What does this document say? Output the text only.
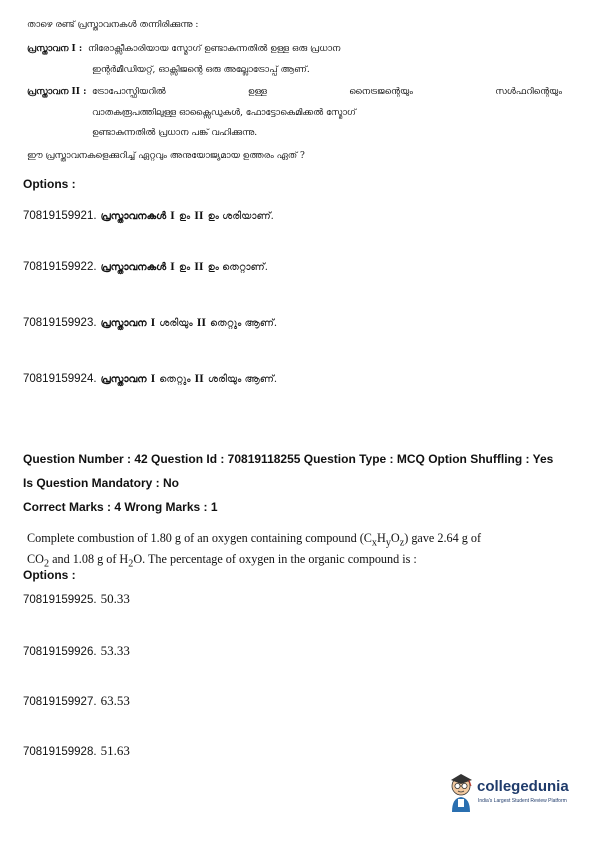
താഴെ രണ്ട് പ്രസ്താവനകൾ തന്നിരിക്കുന്നു :
പ്രസ്താവന I : നിരോക്സീകാരിയായ സ്മോഗ് ഉണ്ടാകുന്നതിൽ ഉള്ള ഒരു പ്രധാന
ഇന്റർമീഡിയറ്റ്, ഓക്സിജന്റെ ഒരു അല്ലോട്രോപ്പ് ആണ്.
പ്രസ്താവന II : ട്രോപോസ്ഫിയറിൽ ഉള്ള നൈട്രജന്റെയും സൾഫറിന്റെയും
വാതകരൂപത്തിലുള്ള ഓക്സൈഡുകൾ, ഫോട്ടോകെമിക്കൽ സ്മോഗ്
ഉണ്ടാകുന്നതിൽ പ്രധാന പങ്ക് വഹിക്കുന്നു.
ഈ പ്രസ്താവനകളെക്കുറിച്ച് ഏറ്റവും അനുയോജ്യമായ ഉത്തരം ഏത് ?
Options :
70819159921. പ്രസ്താവനകൾ I ഉം II ഉം ശരിയാണ്.
70819159922. പ്രസ്താവനകൾ I ഉം II ഉം തെറ്റാണ്.
70819159923. പ്രസ്താവന I ശരിയും II തെറ്റും ആണ്.
70819159924. പ്രസ്താവന I തെറ്റും II ശരിയും ആണ്.
Question Number : 42 Question Id : 70819118255 Question Type : MCQ Option Shuffling : Yes
Is Question Mandatory : No
Correct Marks : 4 Wrong Marks : 1
Complete combustion of 1.80 g of an oxygen containing compound $(C_xH_yO_z)$ gave 2.64 g of
$CO_2$ and 1.08 g of $H_2O$. The percentage of oxygen in the organic compound is :
Options :
70819159925. 50.33
70819159926. 53.33
70819159927. 63.53
70819159928. 51.63
collegedunia
India's Largest Student Review Platform
